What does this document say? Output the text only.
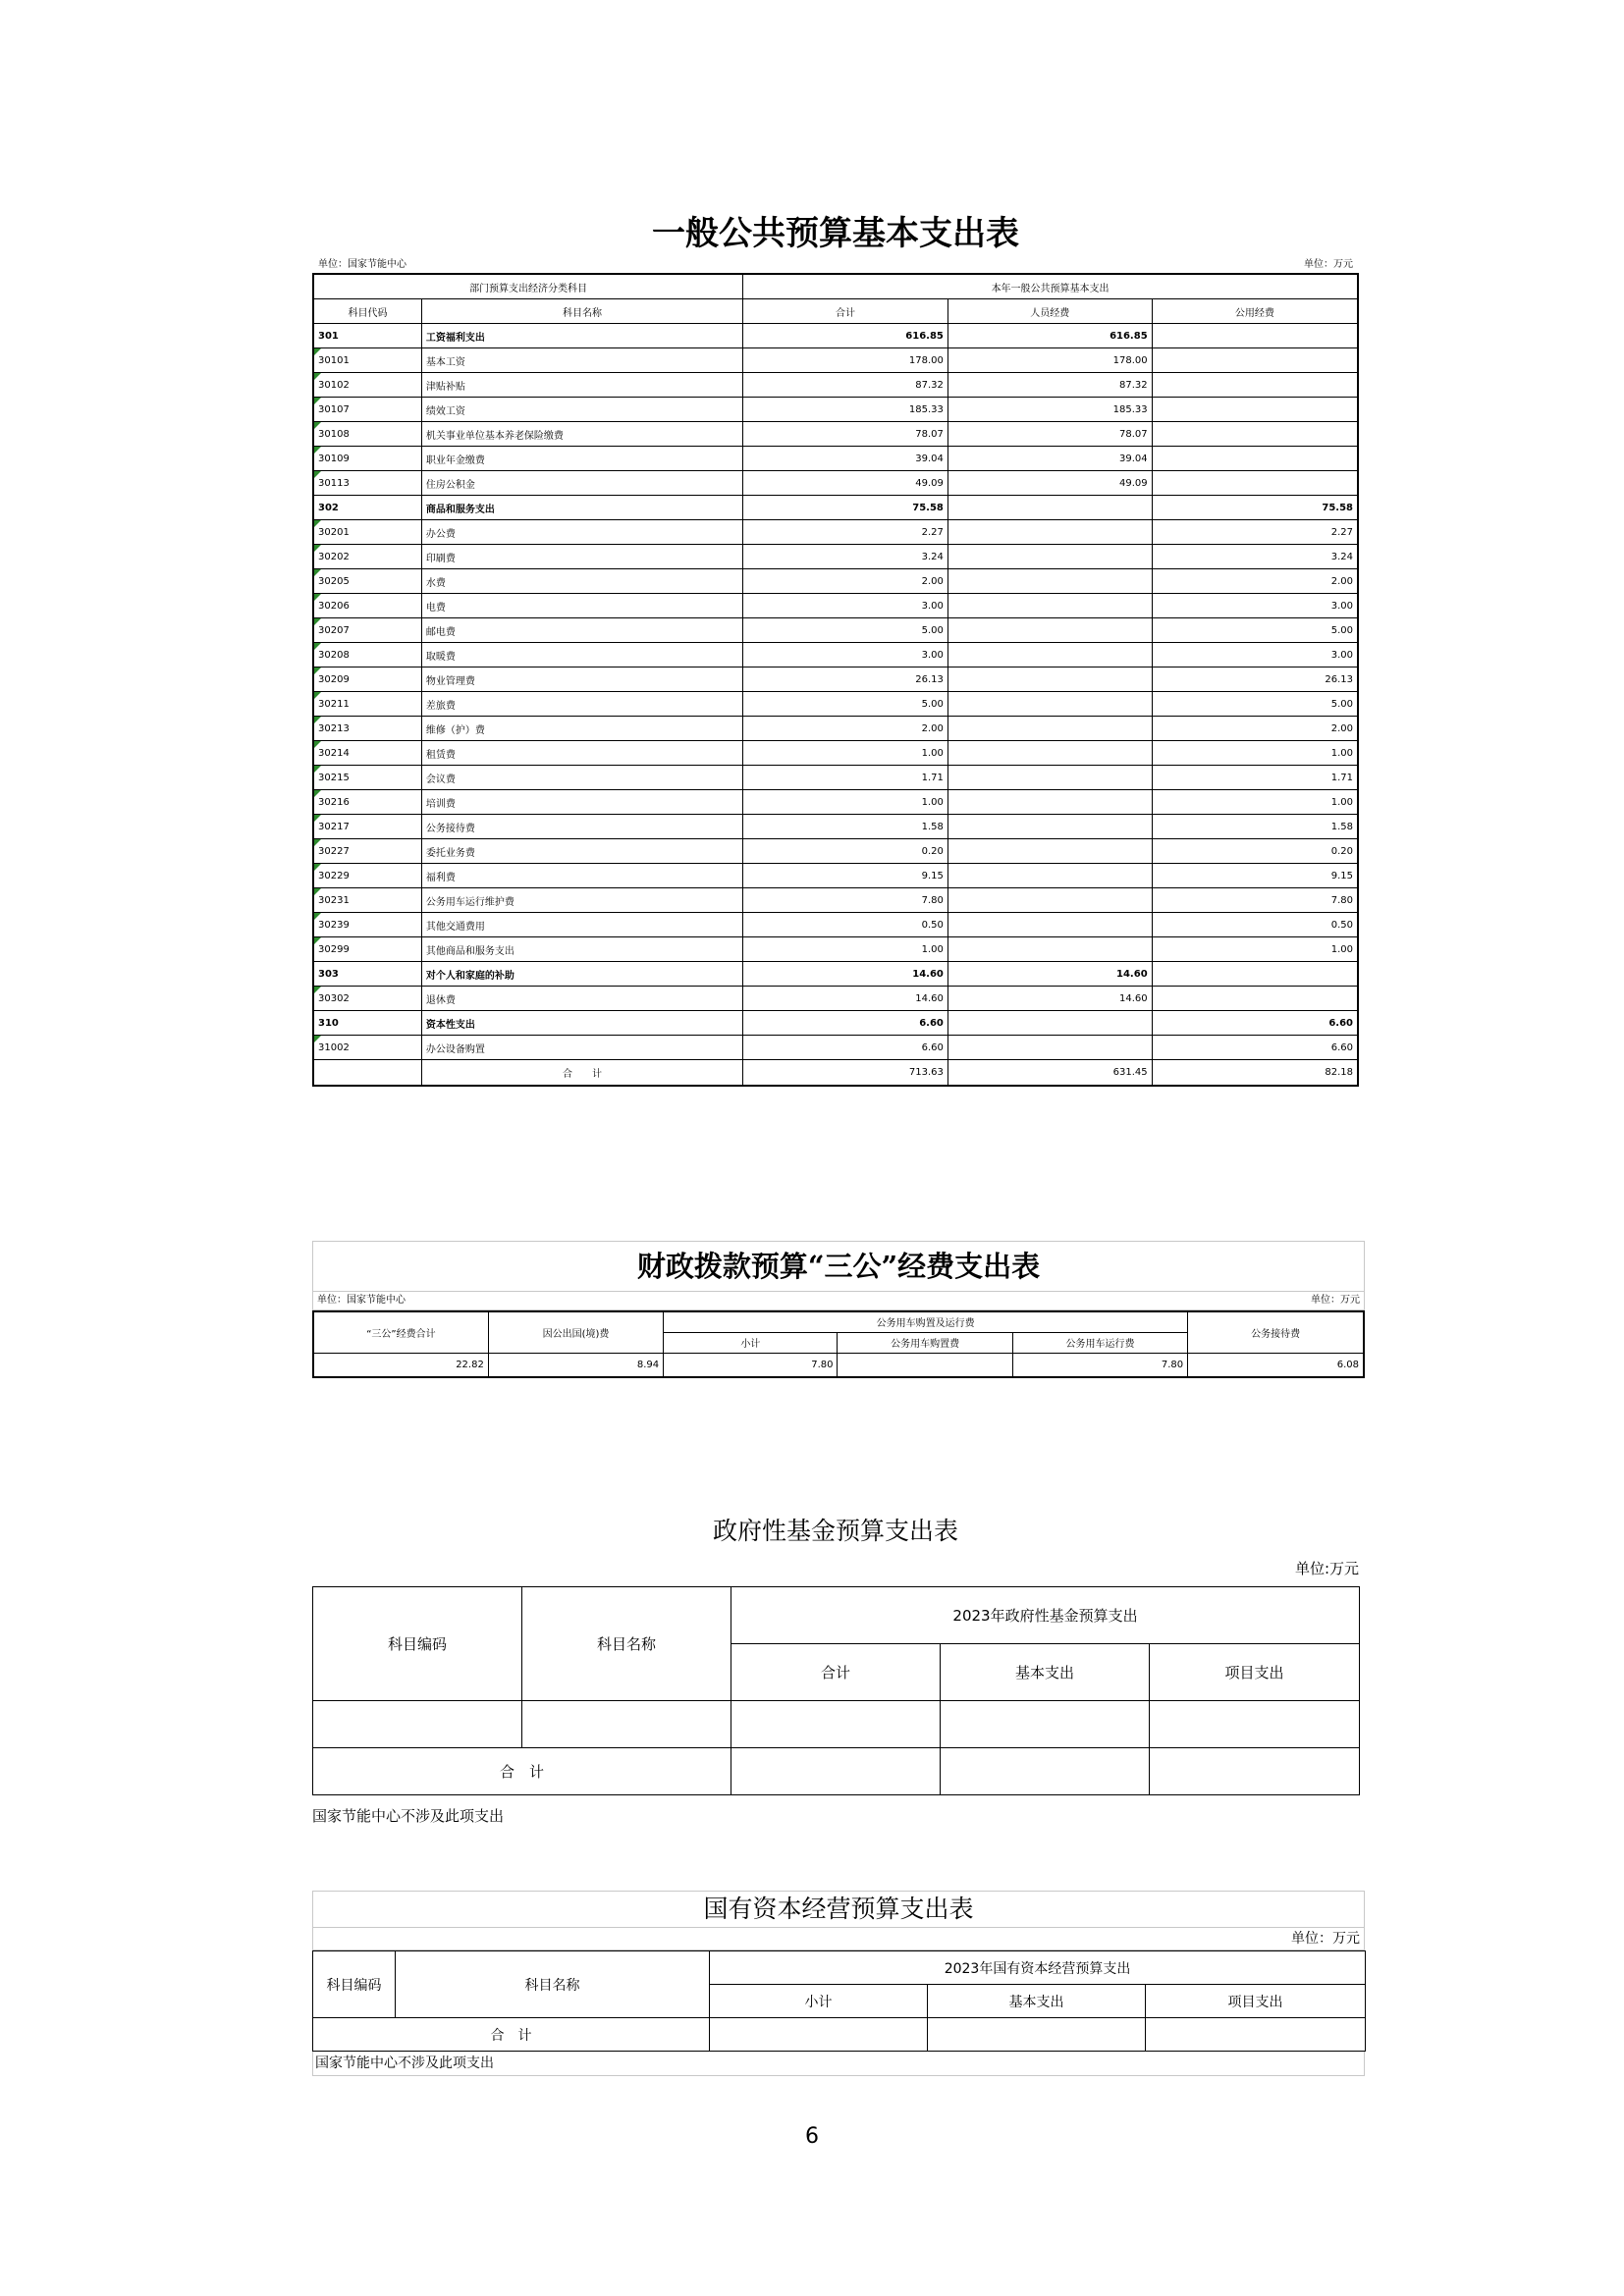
一般公共预算基本支出表
单位：国家节能中心	单位：万元
部门预算支出经济分类科目		本年一般公共预算基本支出		
科目代码	科目名称	合计	人员经费	公用经费
301	工资福利支出	616.85	616.85	
30101	基本工资	178.00	178.00	
30102	津贴补贴	87.32	87.32	
30107	绩效工资	185.33	185.33	
30108	机关事业单位基本养老保险缴费	78.07	78.07	
30109	职业年金缴费	39.04	39.04	
30113	住房公积金	49.09	49.09	
302	商品和服务支出	75.58		75.58
30201	办公费	2.27		2.27
30202	印刷费	3.24		3.24
30205	水费	2.00		2.00
30206	电费	3.00		3.00
30207	邮电费	5.00		5.00
30208	取暖费	3.00		3.00
30209	物业管理费	26.13		26.13
30211	差旅费	5.00		5.00
30213	维修（护）费	2.00		2.00
30214	租赁费	1.00		1.00
30215	会议费	1.71		1.71
30216	培训费	1.00		1.00
30217	公务接待费	1.58		1.58
30227	委托业务费	0.20		0.20
30229	福利费	9.15		9.15
30231	公务用车运行维护费	7.80		7.80
30239	其他交通费用	0.50		0.50
30299	其他商品和服务支出	1.00		1.00
303	对个人和家庭的补助	14.60	14.60	
30302	退休费	14.60	14.60	
310	资本性支出	6.60		6.60
31002	办公设备购置	6.60		6.60
	合　　计	713.63	631.45	82.18
财政拨款预算“三公”经费支出表
单位：国家节能中心	单位：万元
“三公”经费合计	因公出国(境)费	公务用车购置及运行费			公务接待费
		小计	公务用车购置费	公务用车运行费	
22.82	8.94	7.80		7.80	6.08
政府性基金预算支出表
单位:万元
科目编码	科目名称	2023年政府性基金预算支出		
		合计	基本支出	项目支出

合　计				
国家节能中心不涉及此项支出
国有资本经营预算支出表
单位：万元
科目编码	科目名称	2023年国有资本经营预算支出		
		小计	基本支出	项目支出
合　计				
国家节能中心不涉及此项支出
6
